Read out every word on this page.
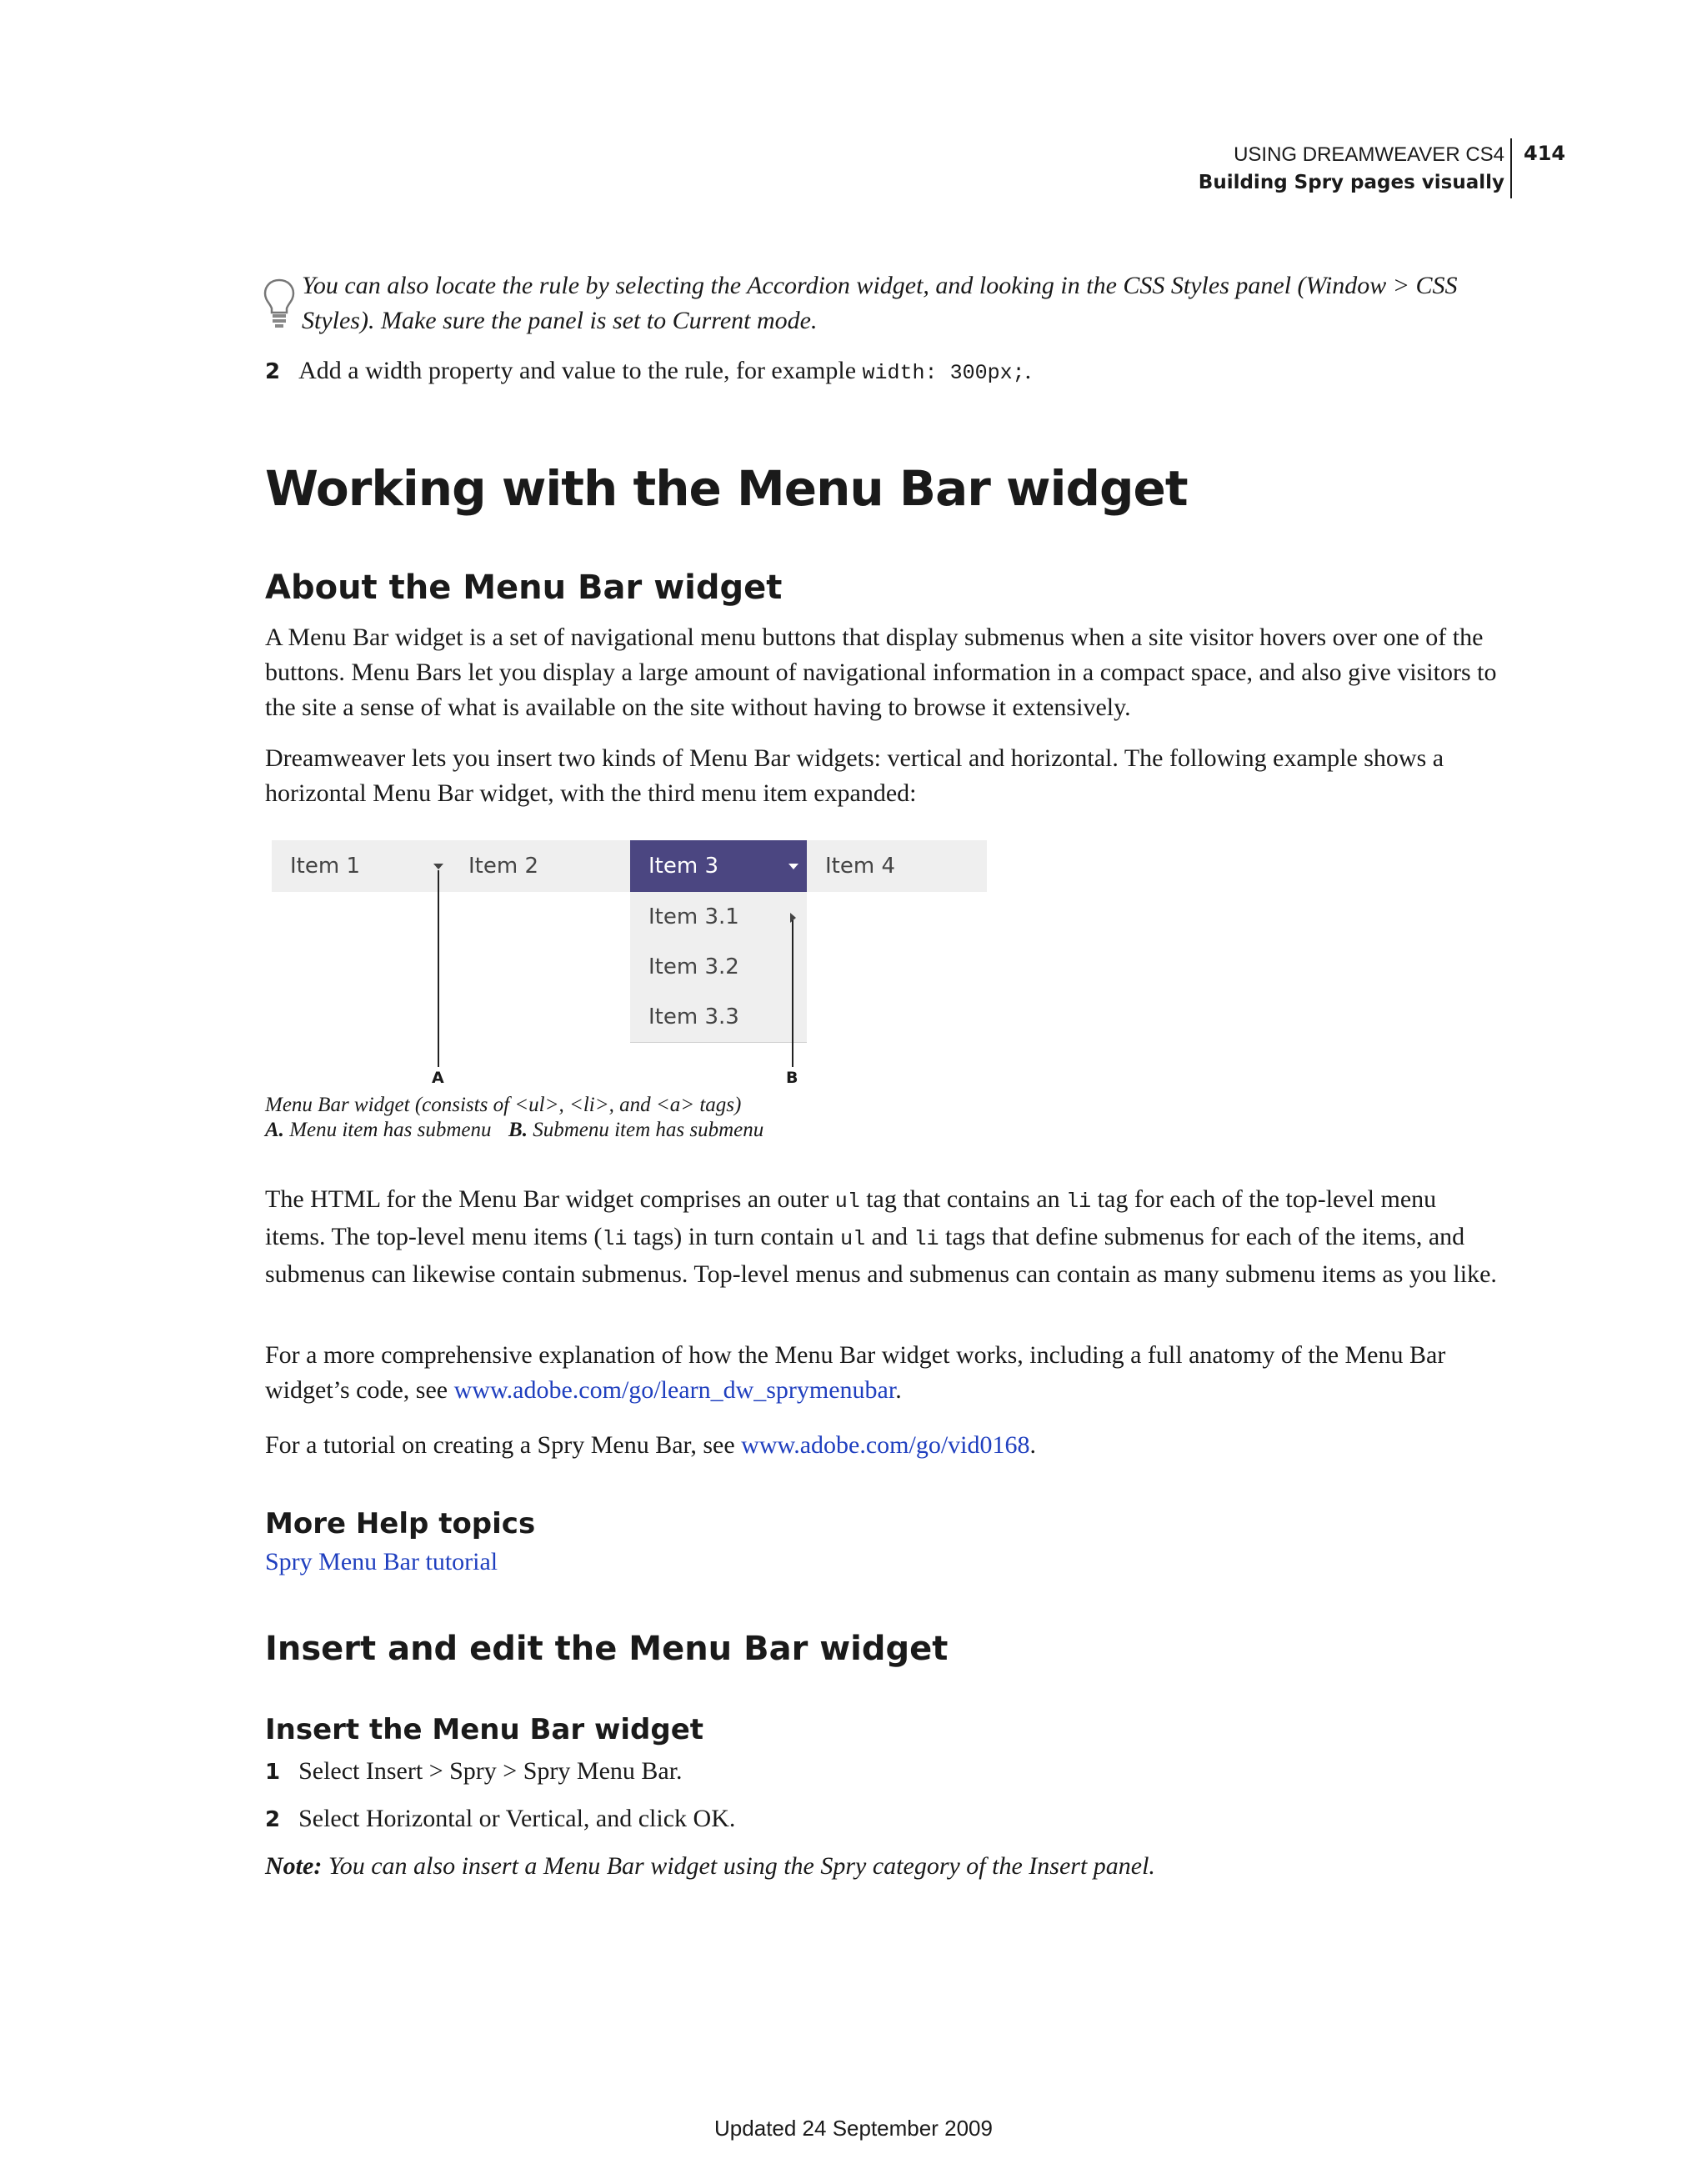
USING DREAMWEAVER CS4
Building Spry pages visually
414
You can also locate the rule by selecting the Accordion widget, and looking in the CSS Styles panel (Window > CSS Styles). Make sure the panel is set to Current mode.
2 Add a width property and value to the rule, for example width: 300px;.
Working with the Menu Bar widget
About the Menu Bar widget
A Menu Bar widget is a set of navigational menu buttons that display submenus when a site visitor hovers over one of the buttons. Menu Bars let you display a large amount of navigational information in a compact space, and also give visitors to the site a sense of what is available on the site without having to browse it extensively.
Dreamweaver lets you insert two kinds of Menu Bar widgets: vertical and horizontal. The following example shows a horizontal Menu Bar widget, with the third menu item expanded:
Item 1	Item 2	Item 3	Item 4
Item 3.1
Item 3.2
Item 3.3
A	B
Menu Bar widget (consists of <ul>, <li>, and <a> tags)
A. Menu item has submenu B. Submenu item has submenu
The HTML for the Menu Bar widget comprises an outer ul tag that contains an li tag for each of the top-level menu items. The top-level menu items (li tags) in turn contain ul and li tags that define submenus for each of the items, and submenus can likewise contain submenus. Top-level menus and submenus can contain as many submenu items as you like.
For a more comprehensive explanation of how the Menu Bar widget works, including a full anatomy of the Menu Bar widget’s code, see www.adobe.com/go/learn_dw_sprymenubar.
For a tutorial on creating a Spry Menu Bar, see www.adobe.com/go/vid0168.
More Help topics
Spry Menu Bar tutorial
Insert and edit the Menu Bar widget
Insert the Menu Bar widget
1 Select Insert > Spry > Spry Menu Bar.
2 Select Horizontal or Vertical, and click OK.
Note: You can also insert a Menu Bar widget using the Spry category of the Insert panel.
Updated 24 September 2009
